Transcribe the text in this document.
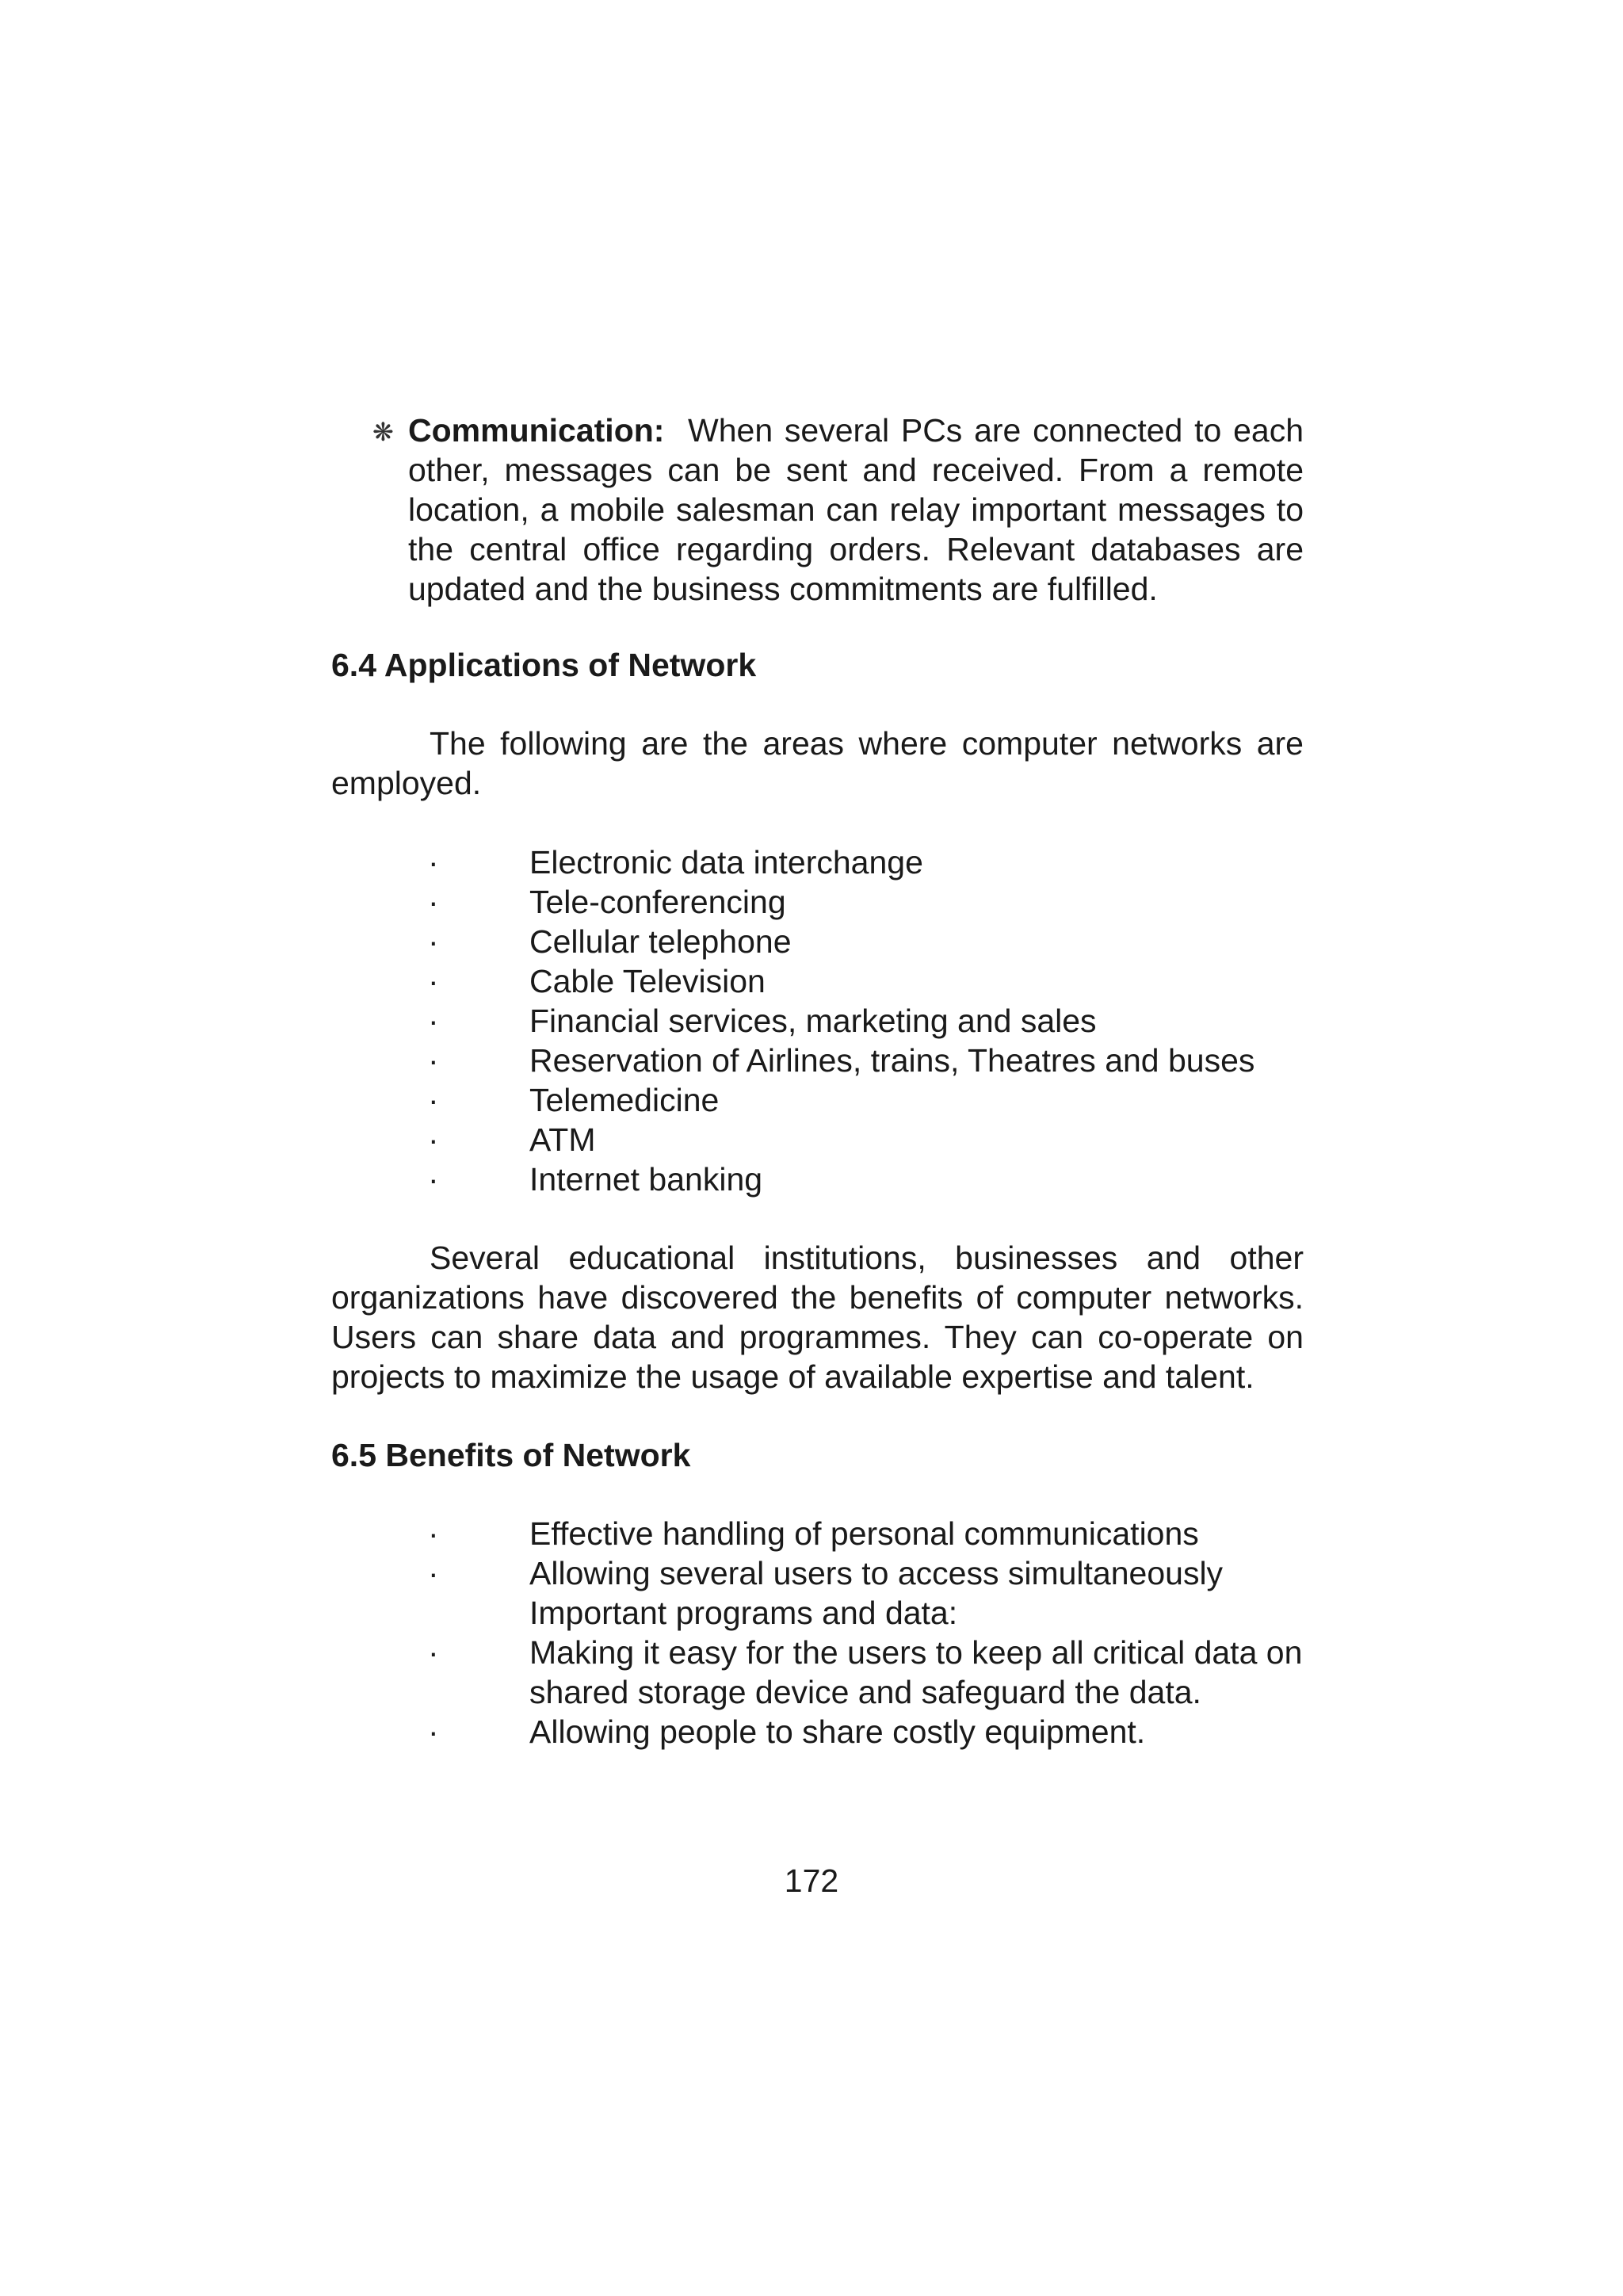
❋ Communication: When several PCs are connected to each other, messages can be sent and received. From a remote location, a mobile salesman can relay important messages to the central office regarding orders. Relevant databases are updated and the business commitments are fulfilled.
6.4 Applications of Network
The following are the areas where computer networks are employed.
·	Electronic data interchange
·	Tele-conferencing
·	Cellular telephone
·	Cable Television
·	Financial services, marketing and sales
·	Reservation of Airlines, trains, Theatres and buses
·	Telemedicine
·	ATM
·	Internet banking
Several educational institutions, businesses and other organizations have discovered the benefits of computer networks. Users can share data and programmes. They can co-operate on projects to maximize the usage of available expertise and talent.
6.5 Benefits of Network
·	Effective handling of personal communications
·	Allowing several users to access simultaneously Important programs and data:
·	Making it easy for the users to keep all critical data on shared storage device and safeguard the data.
·	Allowing people to share costly equipment.
172
